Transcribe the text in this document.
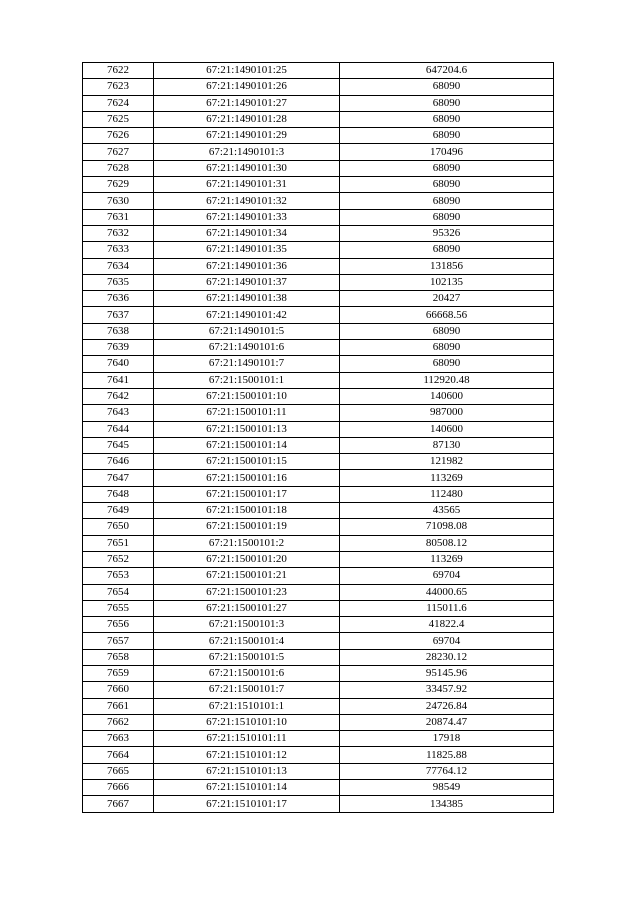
7622	67:21:1490101:25	647204.6
7623	67:21:1490101:26	68090
7624	67:21:1490101:27	68090
7625	67:21:1490101:28	68090
7626	67:21:1490101:29	68090
7627	67:21:1490101:3	170496
7628	67:21:1490101:30	68090
7629	67:21:1490101:31	68090
7630	67:21:1490101:32	68090
7631	67:21:1490101:33	68090
7632	67:21:1490101:34	95326
7633	67:21:1490101:35	68090
7634	67:21:1490101:36	131856
7635	67:21:1490101:37	102135
7636	67:21:1490101:38	20427
7637	67:21:1490101:42	66668.56
7638	67:21:1490101:5	68090
7639	67:21:1490101:6	68090
7640	67:21:1490101:7	68090
7641	67:21:1500101:1	112920.48
7642	67:21:1500101:10	140600
7643	67:21:1500101:11	987000
7644	67:21:1500101:13	140600
7645	67:21:1500101:14	87130
7646	67:21:1500101:15	121982
7647	67:21:1500101:16	113269
7648	67:21:1500101:17	112480
7649	67:21:1500101:18	43565
7650	67:21:1500101:19	71098.08
7651	67:21:1500101:2	80508.12
7652	67:21:1500101:20	113269
7653	67:21:1500101:21	69704
7654	67:21:1500101:23	44000.65
7655	67:21:1500101:27	115011.6
7656	67:21:1500101:3	41822.4
7657	67:21:1500101:4	69704
7658	67:21:1500101:5	28230.12
7659	67:21:1500101:6	95145.96
7660	67:21:1500101:7	33457.92
7661	67:21:1510101:1	24726.84
7662	67:21:1510101:10	20874.47
7663	67:21:1510101:11	17918
7664	67:21:1510101:12	11825.88
7665	67:21:1510101:13	77764.12
7666	67:21:1510101:14	98549
7667	67:21:1510101:17	134385
